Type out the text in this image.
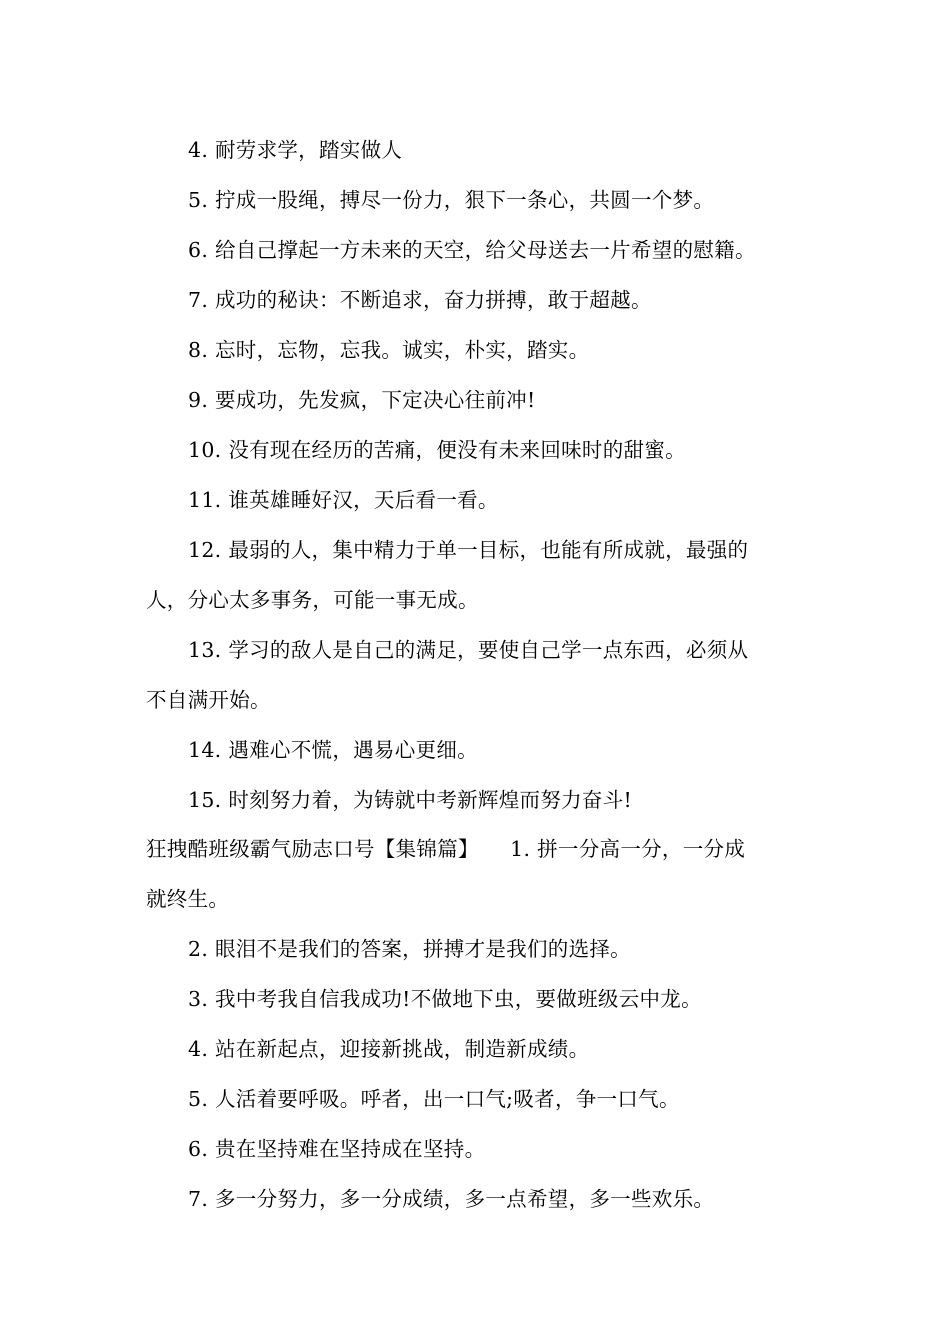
4. 耐劳求学，踏实做人
5. 拧成一股绳，搏尽一份力，狠下一条心，共圆一个梦。
6. 给自己撑起一方未来的天空，给父母送去一片希望的慰籍。
7. 成功的秘诀：不断追求，奋力拼搏，敢于超越。
8. 忘时，忘物，忘我。诚实，朴实，踏实。
9. 要成功，先发疯，下定决心往前冲!
10. 没有现在经历的苦痛，便没有未来回味时的甜蜜。
11. 谁英雄睡好汉，天后看一看。
12. 最弱的人，集中精力于单一目标，也能有所成就，最强的
人，分心太多事务，可能一事无成。
13. 学习的敌人是自己的满足，要使自己学一点东西，必须从
不自满开始。
14. 遇难心不慌，遇易心更细。
15. 时刻努力着，为铸就中考新辉煌而努力奋斗!
狂拽酷班级霸气励志口号【集锦篇】　　1. 拼一分高一分，一分成
就终生。
2. 眼泪不是我们的答案，拼搏才是我们的选择。
3. 我中考我自信我成功!不做地下虫，要做班级云中龙。
4. 站在新起点，迎接新挑战，制造新成绩。
5. 人活着要呼吸。呼者，出一口气;吸者，争一口气。
6. 贵在坚持难在坚持成在坚持。
7. 多一分努力，多一分成绩，多一点希望，多一些欢乐。
